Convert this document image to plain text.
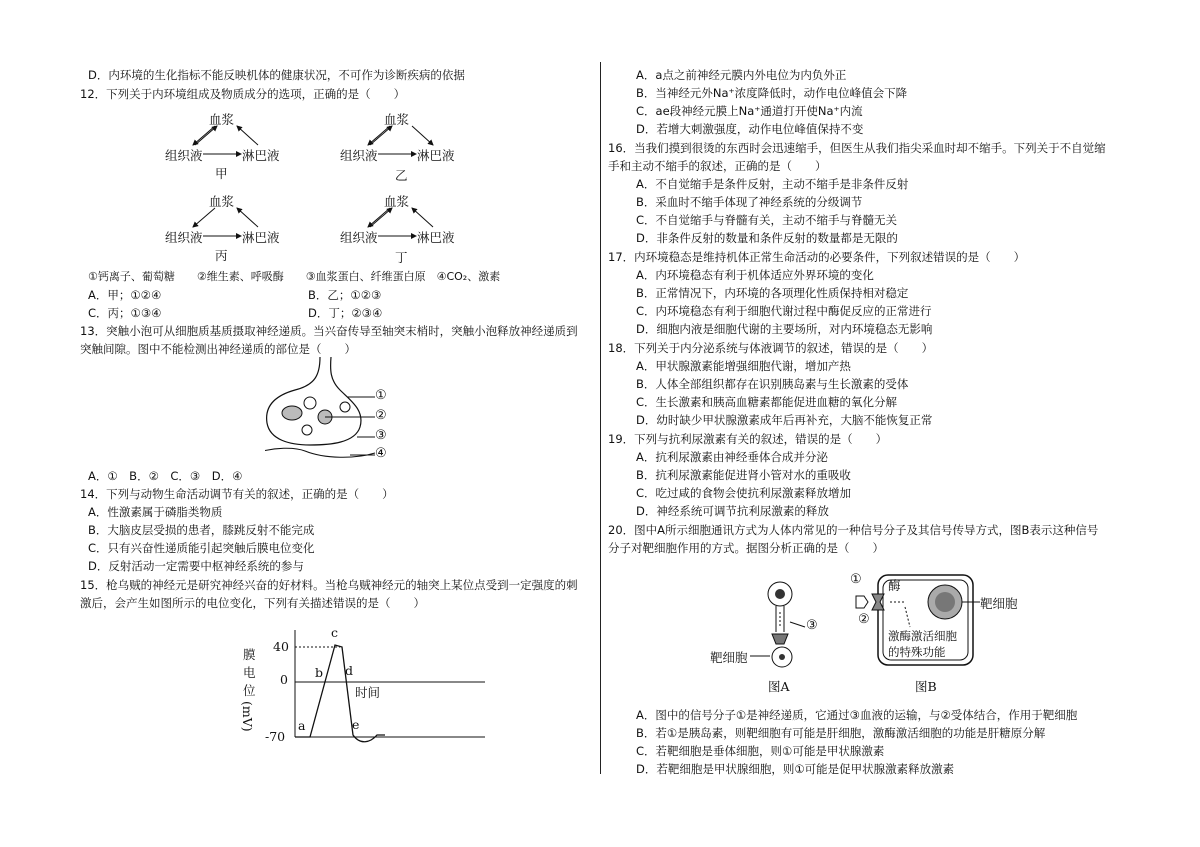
D．内环境的生化指标不能反映机体的健康状况，不可作为诊断疾病的依据
12．下列关于内环境组成及物质成分的选项，正确的是（　　）
血浆
组织液	淋巴液
甲
血浆
组织液	淋巴液
乙
血浆
组织液	淋巴液
丙
血浆
组织液	淋巴液
丁
①钙离子、葡萄糖　　②维生素、呼吸酶　　③血浆蛋白、纤维蛋白原　④CO₂、激素
A．甲；①②④	B．乙；①②③
C．丙；①③④	D．丁；②③④
13．突触小泡可从细胞质基质摄取神经递质。当兴奋传导至轴突末梢时，突触小泡释放神经递质到
突触间隙。图中不能检测出神经递质的部位是（　　）
①
②
③
④
A．①　B．②　C．③　D．④
14．下列与动物生命活动调节有关的叙述，正确的是（　　）
A．性激素属于磷脂类物质
B．大脑皮层受损的患者，膝跳反射不能完成
C．只有兴奋性递质能引起突触后膜电位变化
D．反射活动一定需要中枢神经系统的参与
15．枪乌贼的神经元是研究神经兴奋的好材料。当枪乌贼神经元的轴突上某位点受到一定强度的刺
激后，会产生如图所示的电位变化，下列有关描述错误的是（　　）
膜
电
位
(mV)
40
0
-70
时间
a
b
c
d
e
A．a点之前神经元膜内外电位为内负外正
B．当神经元外Na⁺浓度降低时，动作电位峰值会下降
C．ae段神经元膜上Na⁺通道打开使Na⁺内流
D．若增大刺激强度，动作电位峰值保持不变
16．当我们摸到很烫的东西时会迅速缩手，但医生从我们指尖采血时却不缩手。下列关于不自觉缩
手和主动不缩手的叙述，正确的是（　　）
A．不自觉缩手是条件反射，主动不缩手是非条件反射
B．采血时不缩手体现了神经系统的分级调节
C．不自觉缩手与脊髓有关，主动不缩手与脊髓无关
D．非条件反射的数量和条件反射的数量都是无限的
17．内环境稳态是维持机体正常生命活动的必要条件，下列叙述错误的是（　　）
A．内环境稳态有利于机体适应外界环境的变化
B．正常情况下，内环境的各项理化性质保持相对稳定
C．内环境稳态有利于细胞代谢过程中酶促反应的正常进行
D．细胞内液是细胞代谢的主要场所，对内环境稳态无影响
18．下列关于内分泌系统与体液调节的叙述，错误的是（　　）
A．甲状腺激素能增强细胞代谢，增加产热
B．人体全部组织都存在识别胰岛素与生长激素的受体
C．生长激素和胰高血糖素都能促进血糖的氧化分解
D．幼时缺少甲状腺激素成年后再补充，大脑不能恢复正常
19．下列与抗利尿激素有关的叙述，错误的是（　　）
A．抗利尿激素由神经垂体合成并分泌
B．抗利尿激素能促进肾小管对水的重吸收
C．吃过咸的食物会使抗利尿激素释放增加
D．神经系统可调节抗利尿激素的释放
20．图中A所示细胞通讯方式为人体内常见的一种信号分子及其信号传导方式，图B表示这种信号
分子对靶细胞作用的方式。据图分析正确的是（　　）
靶细胞
③
图A
①
②
酶
靶细胞
激酶激活细胞
的特殊功能
图B
A．图中的信号分子①是神经递质，它通过③血液的运输，与②受体结合，作用于靶细胞
B．若①是胰岛素，则靶细胞有可能是肝细胞，激酶激活细胞的功能是肝糖原分解
C．若靶细胞是垂体细胞，则①可能是甲状腺激素
D．若靶细胞是甲状腺细胞，则①可能是促甲状腺激素释放激素
